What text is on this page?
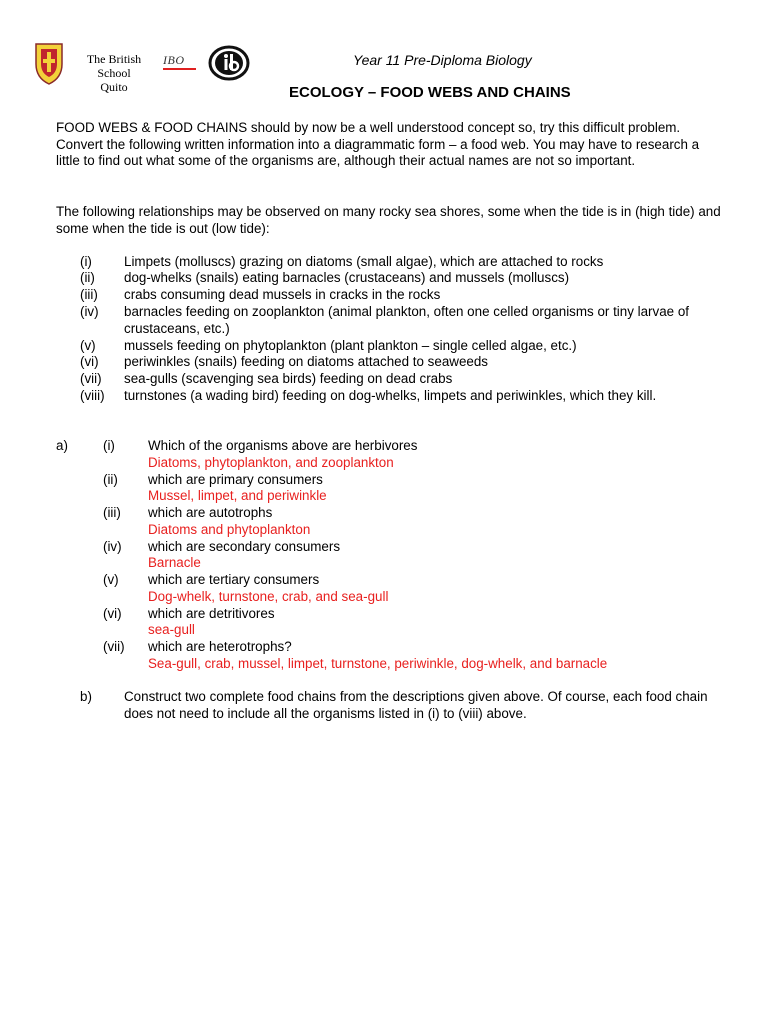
The British School
Quito
IBO	Year 11 Pre-Diploma Biology
ECOLOGY – FOOD WEBS AND CHAINS
FOOD WEBS & FOOD CHAINS should by now be a well understood concept so, try this difficult problem. Convert the following written information into a diagrammatic form – a food web. You may have to research a little to find out what some of the organisms are, although their actual names are not so important.
The following relationships may be observed on many rocky sea shores, some when the tide is in (high tide) and some when the tide is out (low tide):
(i) Limpets (molluscs) grazing on diatoms (small algae), which are attached to rocks
(ii) dog-whelks (snails) eating barnacles (crustaceans) and mussels (molluscs)
(iii) crabs consuming dead mussels in cracks in the rocks
(iv) barnacles feeding on zooplankton (animal plankton, often one celled organisms or tiny larvae of crustaceans, etc.)
(v) mussels feeding on phytoplankton (plant plankton – single celled algae, etc.)
(vi) periwinkles (snails) feeding on diatoms attached to seaweeds
(vii) sea-gulls (scavenging sea birds) feeding on dead crabs
(viii) turnstones (a wading bird) feeding on dog-whelks, limpets and periwinkles, which they kill.
a)	(i) Which of the organisms above are herbivores
Diatoms, phytoplankton, and zooplankton
(ii) which are primary consumers
Mussel, limpet, and periwinkle
(iii) which are autotrophs
Diatoms and phytoplankton
(iv) which are secondary consumers
Barnacle
(v) which are tertiary consumers
Dog-whelk, turnstone, crab, and sea-gull
(vi) which are detritivores
sea-gull
(vii) which are heterotrophs?
Sea-gull, crab, mussel, limpet, turnstone, periwinkle, dog-whelk, and barnacle
b) Construct two complete food chains from the descriptions given above. Of course, each food chain does not need to include all the organisms listed in (i) to (viii) above.
